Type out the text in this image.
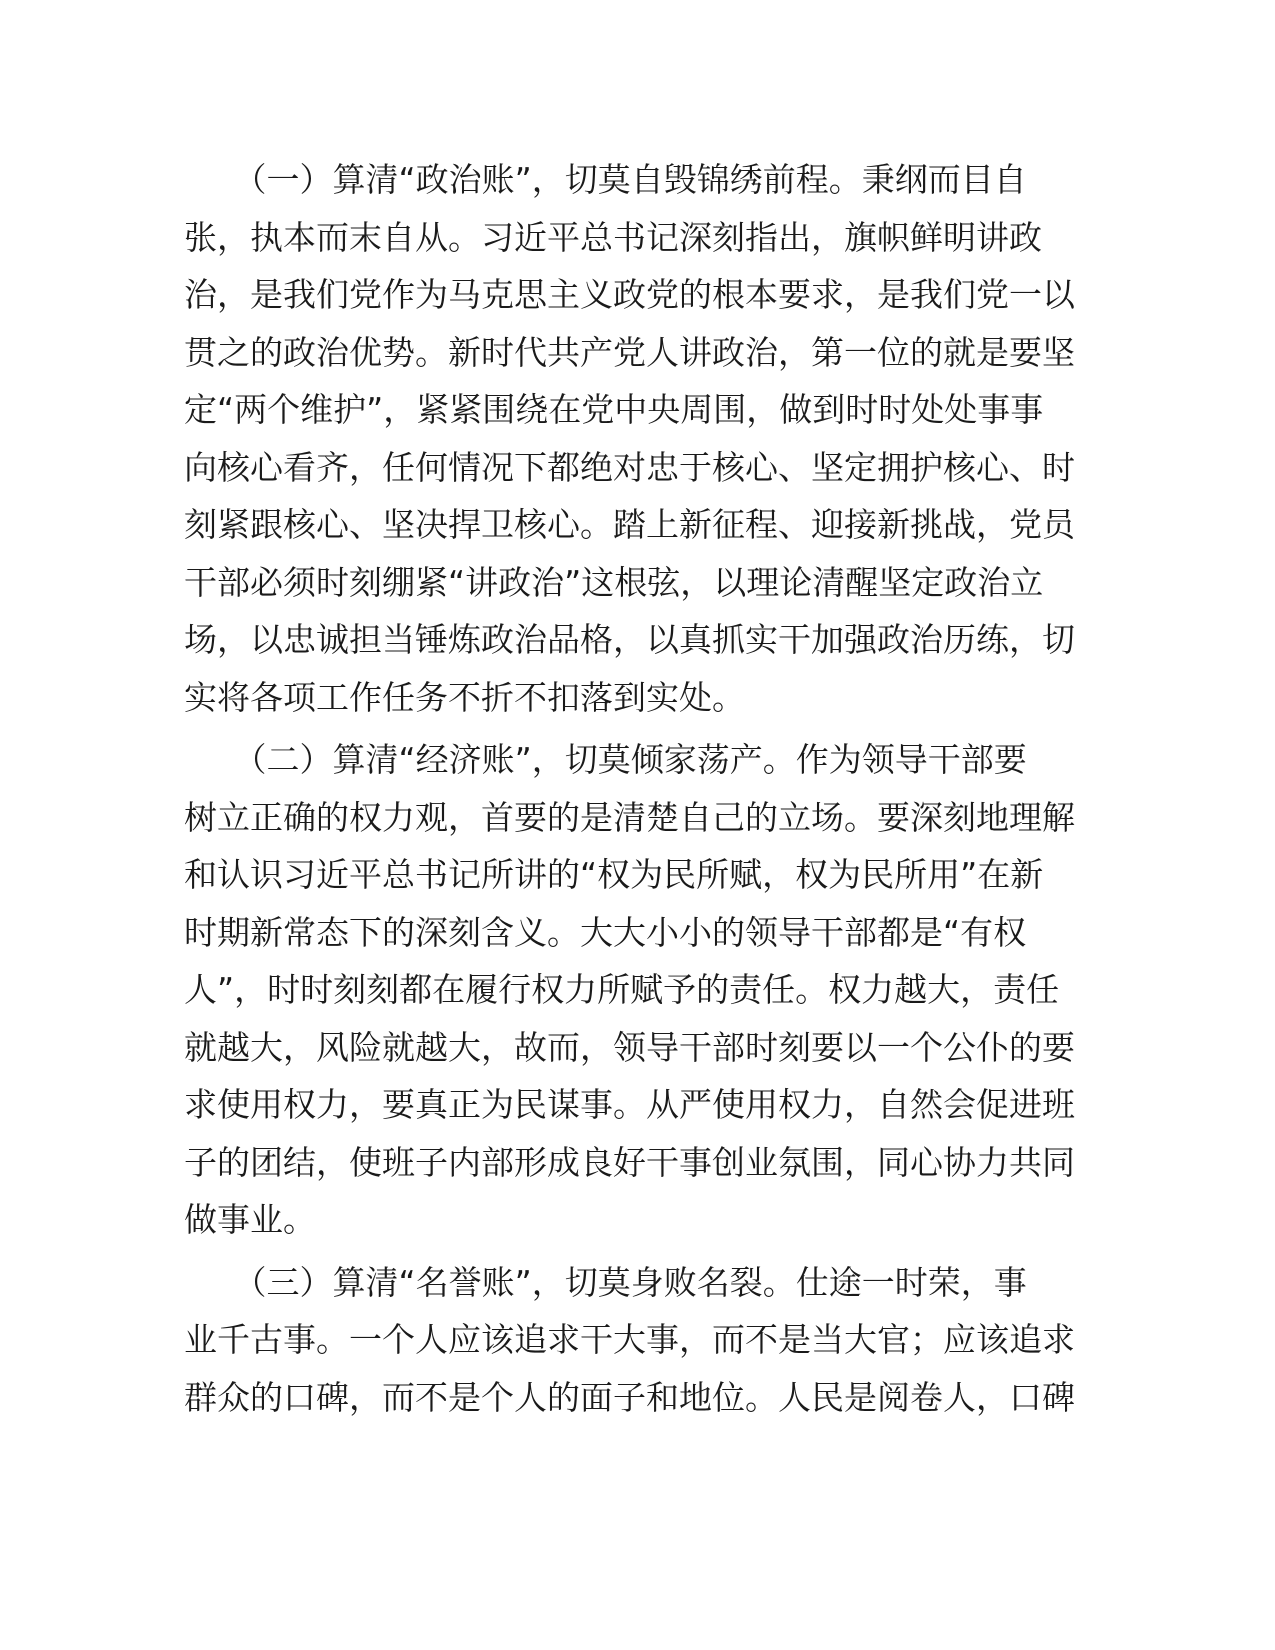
　　（一）算清“政治账”，切莫自毁锦绣前程。秉纲而目自
张，执本而末自从。习近平总书记深刻指出，旗帜鲜明讲政
治，是我们党作为马克思主义政党的根本要求，是我们党一以
贯之的政治优势。新时代共产党人讲政治，第一位的就是要坚
定“两个维护”，紧紧围绕在党中央周围，做到时时处处事事
向核心看齐，任何情况下都绝对忠于核心、坚定拥护核心、时
刻紧跟核心、坚决捍卫核心。踏上新征程、迎接新挑战，党员
干部必须时刻绷紧“讲政治”这根弦，以理论清醒坚定政治立
场，以忠诚担当锤炼政治品格，以真抓实干加强政治历练，切
实将各项工作任务不折不扣落到实处。
　　（二）算清“经济账”，切莫倾家荡产。作为领导干部要
树立正确的权力观，首要的是清楚自己的立场。要深刻地理解
和认识习近平总书记所讲的“权为民所赋，权为民所用”在新
时期新常态下的深刻含义。大大小小的领导干部都是“有权
人”，时时刻刻都在履行权力所赋予的责任。权力越大，责任
就越大，风险就越大，故而，领导干部时刻要以一个公仆的要
求使用权力，要真正为民谋事。从严使用权力，自然会促进班
子的团结，使班子内部形成良好干事创业氛围，同心协力共同
做事业。
　　（三）算清“名誉账”，切莫身败名裂。仕途一时荣，事
业千古事。一个人应该追求干大事，而不是当大官；应该追求
群众的口碑，而不是个人的面子和地位。人民是阅卷人，口碑
